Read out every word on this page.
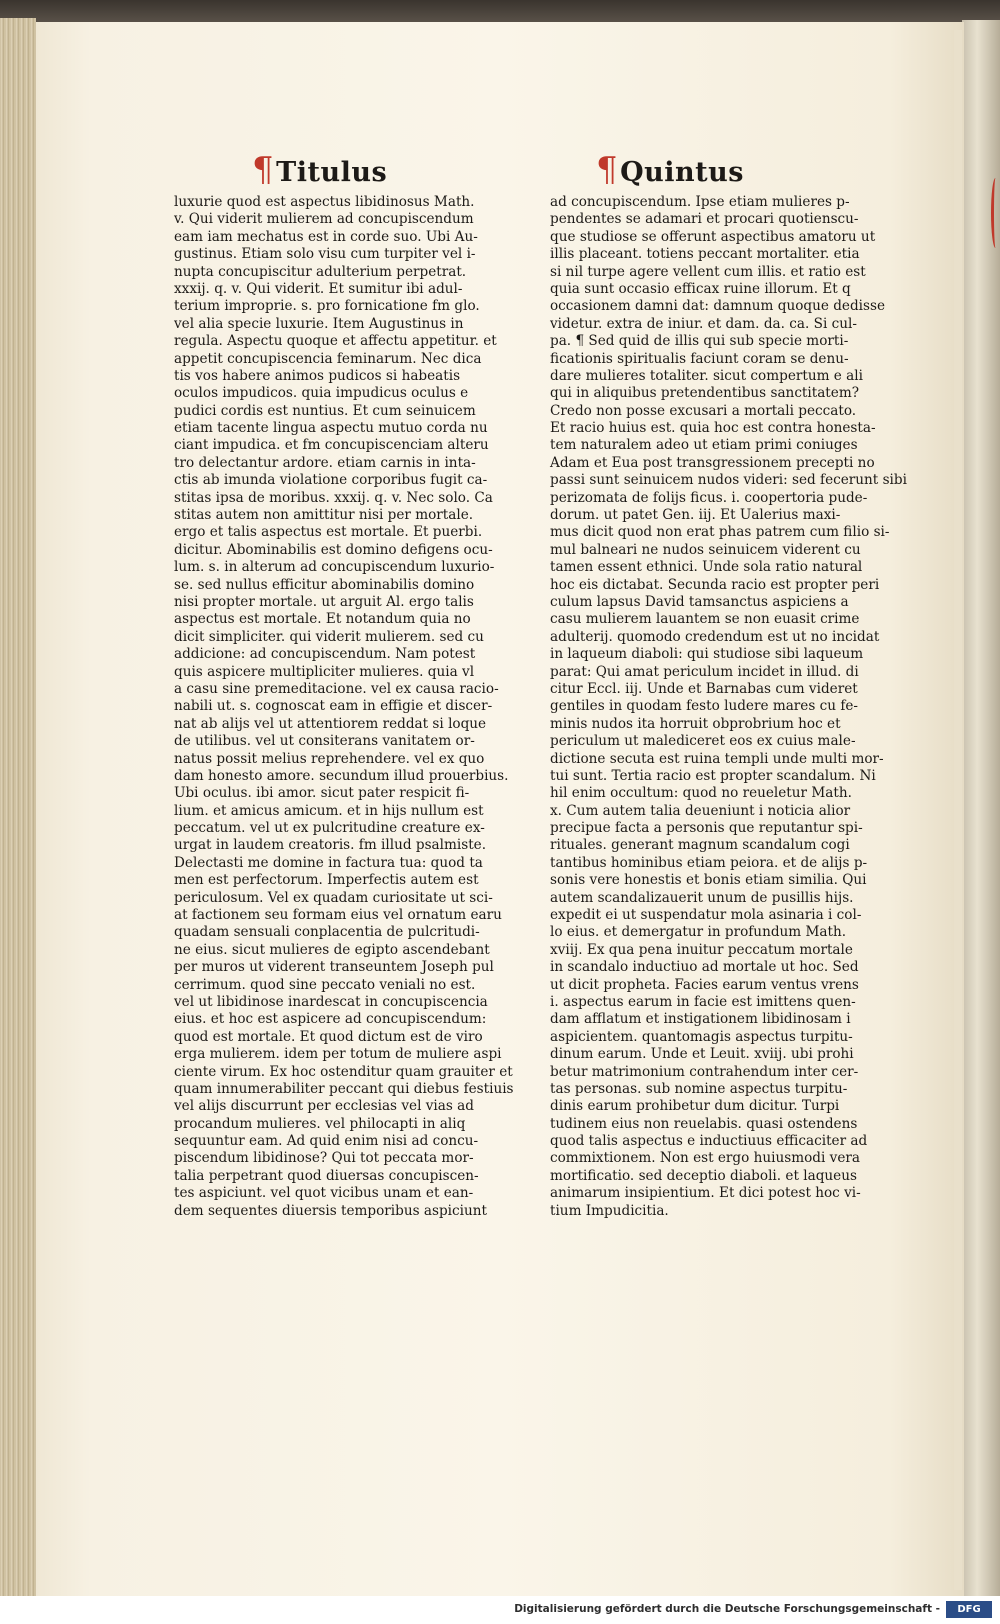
¶Titulus	¶Quintus
luxurie quod est aspectus libidinosus Math.
v. Qui viderit mulierem ad concupiscendum
eam iam mechatus est in corde suo. Ubi Au-
gustinus. Etiam solo visu cum turpiter vel i-
nupta concupiscitur adulterium perpetrat.
xxxij. q. v. Qui viderit. Et sumitur ibi adul-
terium improprie. s. pro fornicatione fm glo.
vel alia specie luxurie. Item Augustinus in
regula. Aspectu quoque et affectu appetitur. et
appetit concupiscencia feminarum. Nec dica
tis vos habere animos pudicos si habeatis
oculos impudicos. quia impudicus oculus e
pudici cordis est nuntius. Et cum seinuicem
etiam tacente lingua aspectu mutuo corda nu
ciant impudica. et fm concupiscenciam alteru
tro delectantur ardore. etiam carnis in inta-
ctis ab imunda violatione corporibus fugit ca-
stitas ipsa de moribus. xxxij. q. v. Nec solo. Ca
stitas autem non amittitur nisi per mortale.
ergo et talis aspectus est mortale. Et puerbi.
dicitur. Abominabilis est domino defigens ocu-
lum. s. in alterum ad concupiscendum luxurio-
se. sed nullus efficitur abominabilis domino
nisi propter mortale. ut arguit Al. ergo talis
aspectus est mortale. Et notandum quia no
dicit simpliciter. qui viderit mulierem. sed cu
addicione: ad concupiscendum. Nam potest
quis aspicere multipliciter mulieres. quia vl
a casu sine premeditacione. vel ex causa racio-
nabili ut. s. cognoscat eam in effigie et discer-
nat ab alijs vel ut attentiorem reddat si loque
de utilibus. vel ut consiterans vanitatem or-
natus possit melius reprehendere. vel ex quo
dam honesto amore. secundum illud prouerbius.
Ubi oculus. ibi amor. sicut pater respicit fi-
lium. et amicus amicum. et in hijs nullum est
peccatum. vel ut ex pulcritudine creature ex-
urgat in laudem creatoris. fm illud psalmiste.
Delectasti me domine in factura tua: quod ta
men est perfectorum. Imperfectis autem est
periculosum. Vel ex quadam curiositate ut sci-
at factionem seu formam eius vel ornatum earu
quadam sensuali conplacentia de pulcritudi-
ne eius. sicut mulieres de egipto ascendebant
per muros ut viderent transeuntem Joseph pul
cerrimum. quod sine peccato veniali no est.
vel ut libidinose inardescat in concupiscencia
eius. et hoc est aspicere ad concupiscendum:
quod est mortale. Et quod dictum est de viro
erga mulierem. idem per totum de muliere aspi
ciente virum. Ex hoc ostenditur quam grauiter et
quam innumerabiliter peccant qui diebus festiuis
vel alijs discurrunt per ecclesias vel vias ad
procandum mulieres. vel philocapti in aliq
sequuntur eam. Ad quid enim nisi ad concu-
piscendum libidinose? Qui tot peccata mor-
talia perpetrant quod diuersas concupiscen-
tes aspiciunt. vel quot vicibus unam et ean-
dem sequentes diuersis temporibus aspiciunt
ad concupiscendum. Ipse etiam mulieres p-
pendentes se adamari et procari quotienscu-
que studiose se offerunt aspectibus amatoru ut
illis placeant. totiens peccant mortaliter. etia
si nil turpe agere vellent cum illis. et ratio est
quia sunt occasio efficax ruine illorum. Et q
occasionem damni dat: damnum quoque dedisse
videtur. extra de iniur. et dam. da. ca. Si cul-
pa. ¶ Sed quid de illis qui sub specie morti-
ficationis spiritualis faciunt coram se denu-
dare mulieres totaliter. sicut compertum e ali
qui in aliquibus pretendentibus sanctitatem?
Credo non posse excusari a mortali peccato.
Et racio huius est. quia hoc est contra honesta-
tem naturalem adeo ut etiam primi coniuges
Adam et Eua post transgressionem precepti no
passi sunt seinuicem nudos videri: sed fecerunt sibi
perizomata de folijs ficus. i. coopertoria pude-
dorum. ut patet Gen. iij. Et Ualerius maxi-
mus dicit quod non erat phas patrem cum filio si-
mul balneari ne nudos seinuicem viderent cu
tamen essent ethnici. Unde sola ratio natural
hoc eis dictabat. Secunda racio est propter peri
culum lapsus David tamsanctus aspiciens a
casu mulierem lauantem se non euasit crime
adulterij. quomodo credendum est ut no incidat
in laqueum diaboli: qui studiose sibi laqueum
parat: Qui amat periculum incidet in illud. di
citur Eccl. iij. Unde et Barnabas cum videret
gentiles in quodam festo ludere mares cu fe-
minis nudos ita horruit obprobrium hoc et
periculum ut malediceret eos ex cuius male-
dictione secuta est ruina templi unde multi mor-
tui sunt. Tertia racio est propter scandalum. Ni
hil enim occultum: quod no reueletur Math.
x. Cum autem talia deueniunt i noticia alior
precipue facta a personis que reputantur spi-
rituales. generant magnum scandalum cogi
tantibus hominibus etiam peiora. et de alijs p-
sonis vere honestis et bonis etiam similia. Qui
autem scandalizauerit unum de pusillis hijs.
expedit ei ut suspendatur mola asinaria i col-
lo eius. et demergatur in profundum Math.
xviij. Ex qua pena inuitur peccatum mortale
in scandalo inductiuo ad mortale ut hoc. Sed
ut dicit propheta. Facies earum ventus vrens
i. aspectus earum in facie est imittens quen-
dam afflatum et instigationem libidinosam i
aspicientem. quantomagis aspectus turpitu-
dinum earum. Unde et Leuit. xviij. ubi prohi
betur matrimonium contrahendum inter cer-
tas personas. sub nomine aspectus turpitu-
dinis earum prohibetur dum dicitur. Turpi
tudinem eius non reuelabis. quasi ostendens
quod talis aspectus e inductiuus efficaciter ad
commixtionem. Non est ergo huiusmodi vera
mortificatio. sed deceptio diaboli. et laqueus
animarum insipientium. Et dici potest hoc vi-
tium Impudicitia.
Digitalisierung gefördert durch die Deutsche Forschungsgemeinschaft -	DFG
